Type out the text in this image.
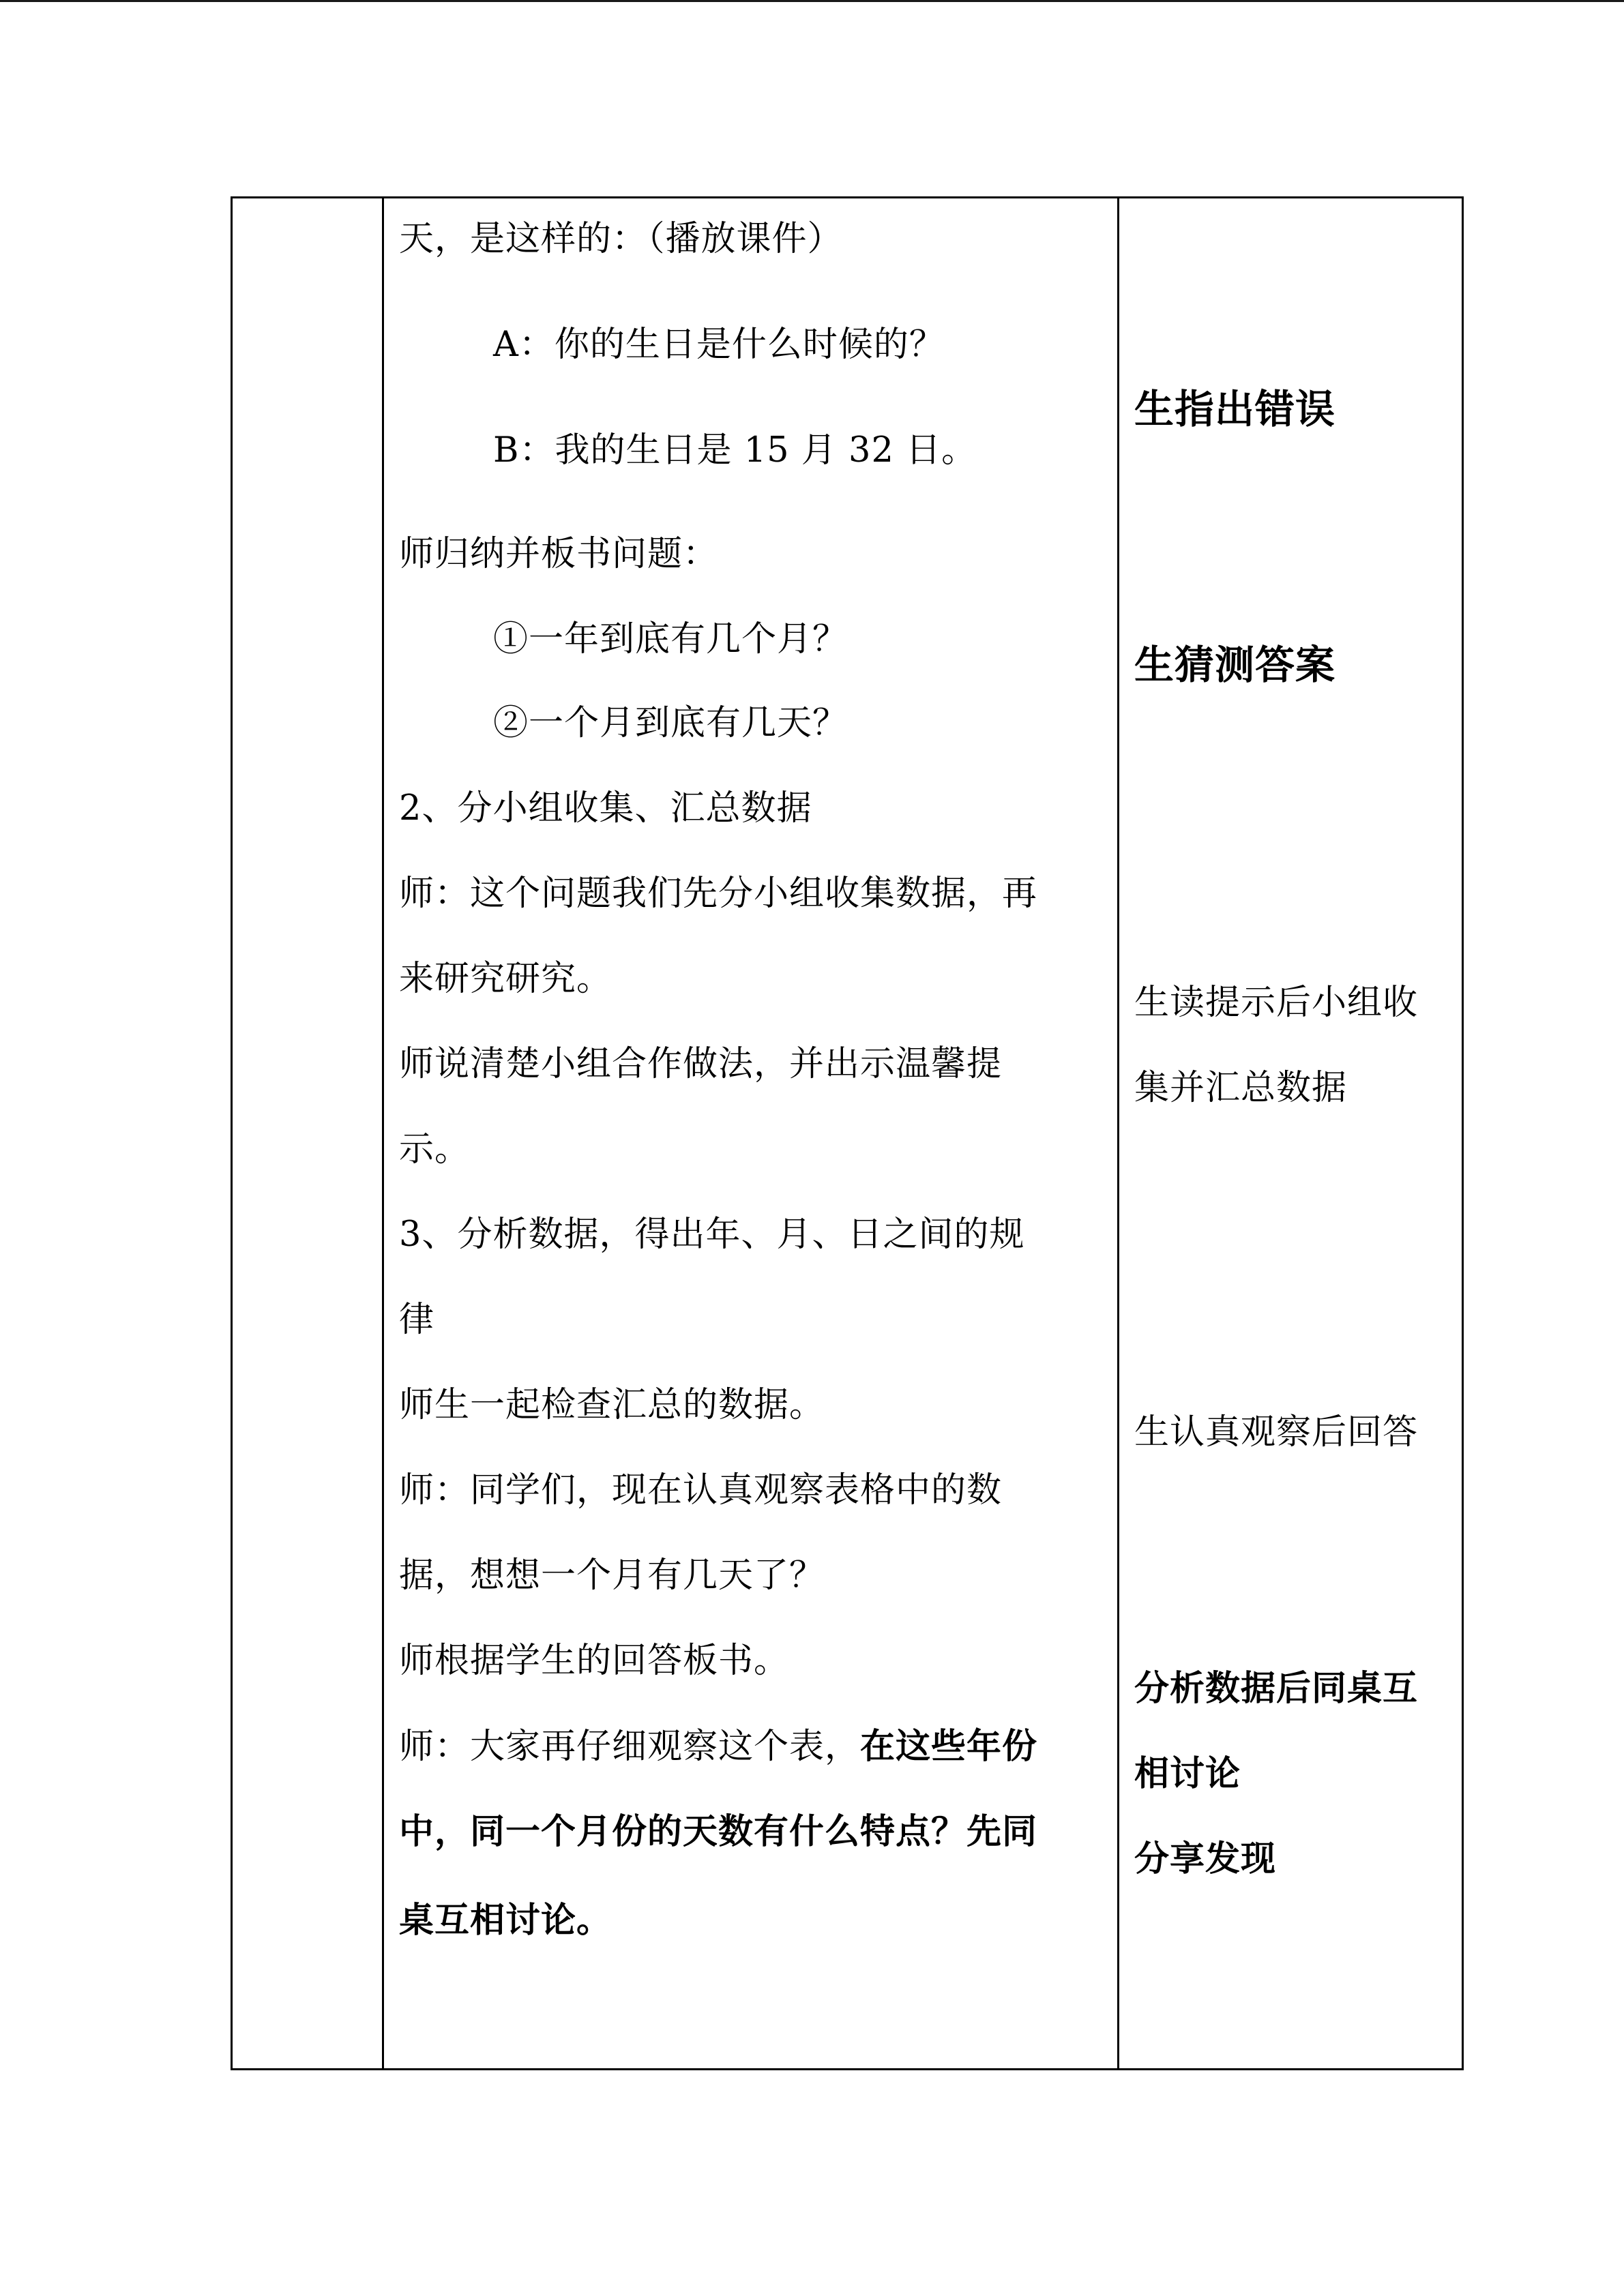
天，是这样的：（播放课件）
A：你的生日是什么时候的？
B：我的生日是 15 月 32 日。
师归纳并板书问题：
①一年到底有几个月？
②一个月到底有几天？
2、分小组收集、汇总数据
师：这个问题我们先分小组收集数据，再
来研究研究。
师说清楚小组合作做法，并出示温馨提
示。
3、分析数据，得出年、月、日之间的规
律
师生一起检查汇总的数据。
师：同学们，现在认真观察表格中的数
据，想想一个月有几天了？
师根据学生的回答板书。
师：大家再仔细观察这个表，在这些年份
中，同一个月份的天数有什么特点？先同
桌互相讨论。
生指出错误
生猜测答案
生读提示后小组收
集并汇总数据
生认真观察后回答
分析数据后同桌互
相讨论
分享发现
